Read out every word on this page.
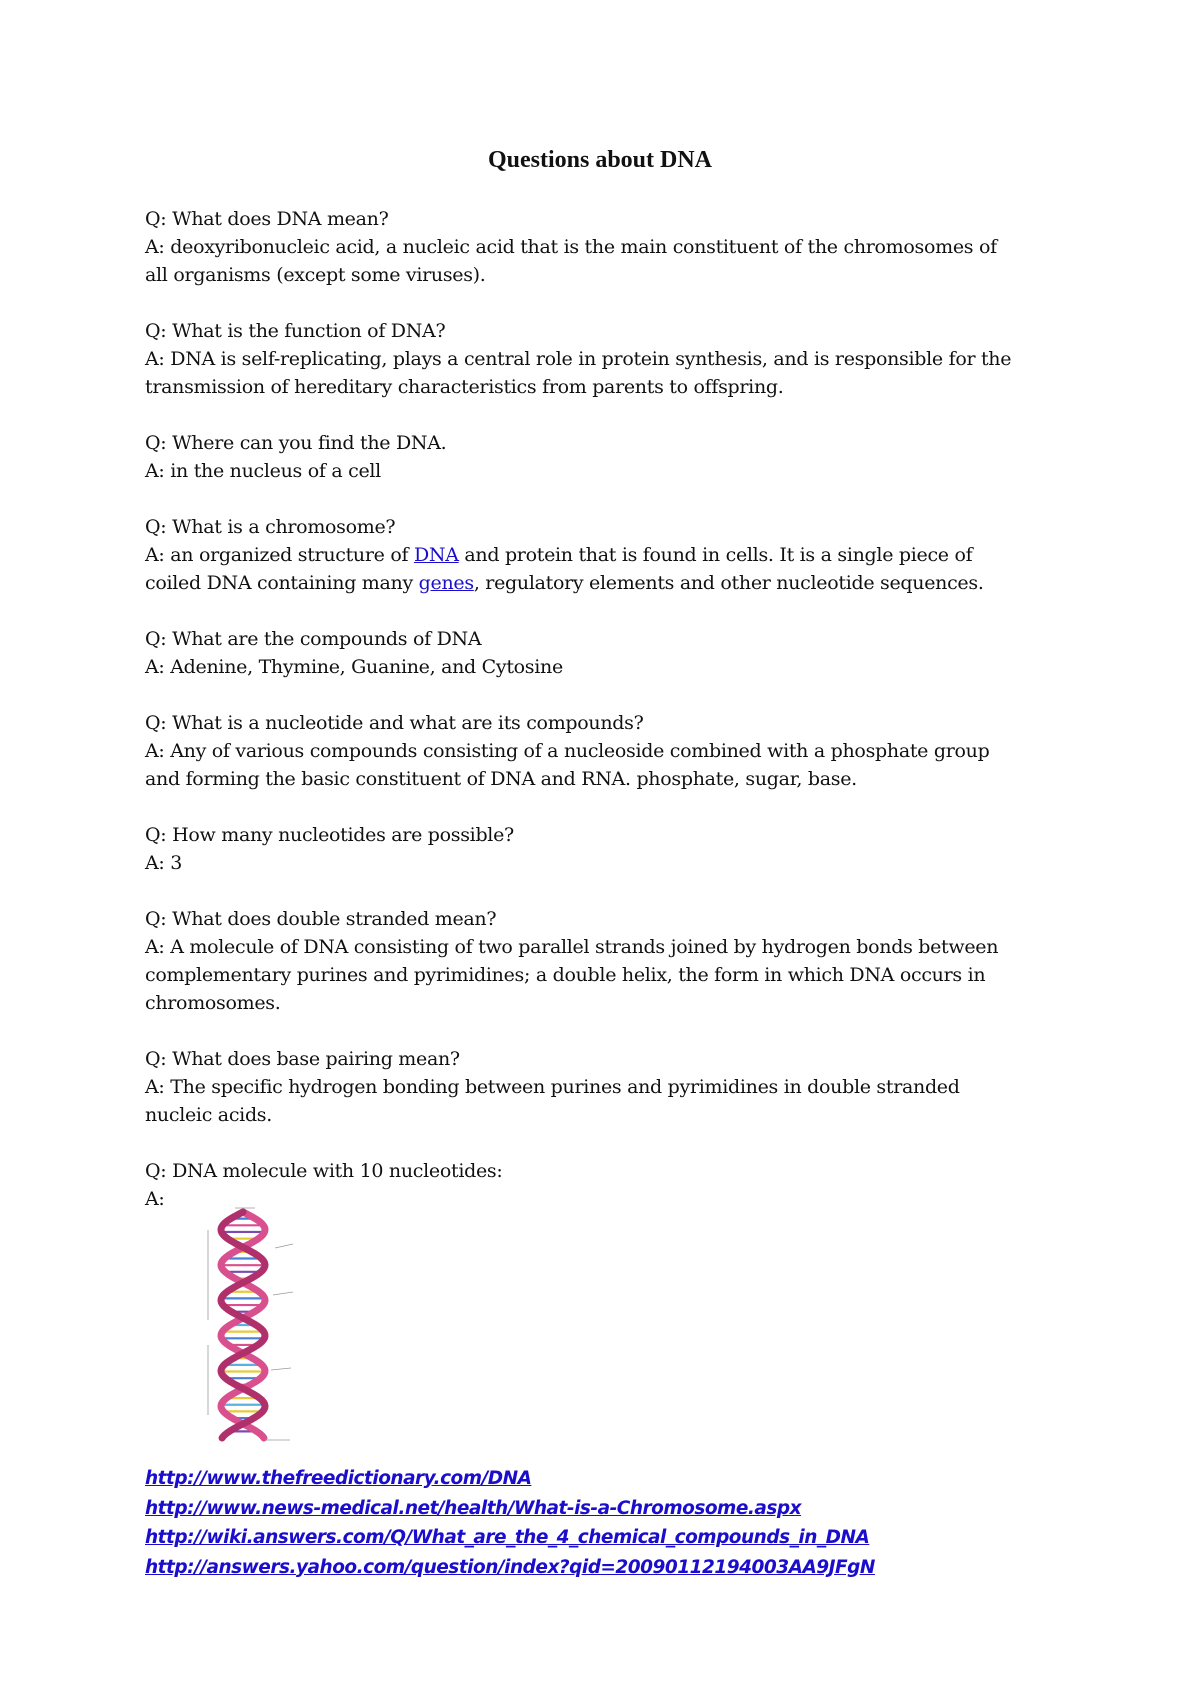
Questions about DNA
Q: What does DNA mean?
A: deoxyribonucleic acid, a nucleic acid that is the main constituent of the chromosomes of
all organisms (except some viruses).
Q: What is the function of DNA?
A: DNA is self-replicating, plays a central role in protein synthesis, and is responsible for the
transmission of hereditary characteristics from parents to offspring.
Q: Where can you find the DNA.
A: in the nucleus of a cell
Q: What is a chromosome?
A: an organized structure of DNA and protein that is found in cells. It is a single piece of
coiled DNA containing many genes, regulatory elements and other nucleotide sequences.
Q: What are the compounds of DNA
A: Adenine, Thymine, Guanine, and Cytosine
Q: What is a nucleotide and what are its compounds?
A: Any of various compounds consisting of a nucleoside combined with a phosphate group
and forming the basic constituent of DNA and RNA. phosphate, sugar, base.
Q: How many nucleotides are possible?
A: 3
Q: What does double stranded mean?
A: A molecule of DNA consisting of two parallel strands joined by hydrogen bonds between
complementary purines and pyrimidines; a double helix, the form in which DNA occurs in
chromosomes.
Q: What does base pairing mean?
A: The specific hydrogen bonding between purines and pyrimidines in double stranded
nucleic acids.
Q: DNA molecule with 10 nucleotides:
A:
http://www.thefreedictionary.com/DNA
http://www.news-medical.net/health/What-is-a-Chromosome.aspx
http://wiki.answers.com/Q/What_are_the_4_chemical_compounds_in_DNA
http://answers.yahoo.com/question/index?qid=20090112194003AA9JFgN
